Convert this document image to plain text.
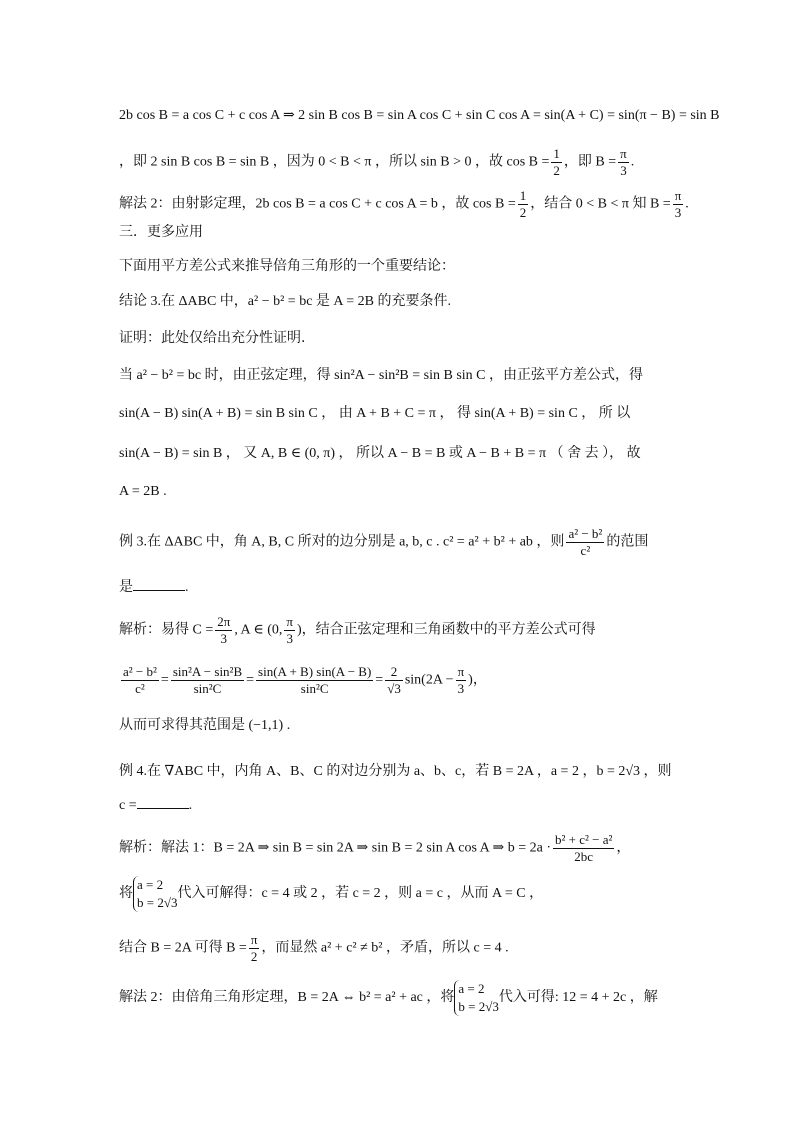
2b cos B = a cos C + c cos A ⇒ 2 sin B cos B = sin A cos C + sin C cos A = sin(A + C) = sin(π − B) = sin B
，即 2 sin B cos B = sin B ，因为 0 < B < π ，所以 sin B > 0 ，故 $\cos B = \frac{1}{2}$ ，即 $B = \frac{\pi}{3}$ .
解法 2：由射影定理，2b cos B = a cos C + c cos A = b ，故 $\cos B = \frac{1}{2}$ ，结合 0 < B < π 知 $B = \frac{\pi}{3}$ .
三．更多应用
下面用平方差公式来推导倍角三角形的一个重要结论：
结论 3.在 ΔABC 中，a² − b² = bc 是 A = 2B 的充要条件.
证明：此处仅给出充分性证明.
当 a² − b² = bc 时，由正弦定理，得 sin²A − sin²B = sin B sin C ，由正弦平方差公式，得
sin(A − B) sin(A + B) = sin B sin C ， 由 A + B + C = π ， 得 sin(A + B) = sin C ， 所 以
sin(A − B) = sin B ， 又 A, B ∈ (0, π) ， 所以 A − B = B 或 A − B + B = π （ 舍 去 ）， 故
A = 2B .
例 3.在 ΔABC 中，角 A, B, C 所对的边分别是 a, b, c . c² = a² + b² + ab ，则 $\frac{\text{a² − b²}}{\text{c²}}$ 的范围
是	.
解析：易得 $C = \frac{2\pi}{3}$ , A ∈ (0, $\frac{\pi}{3}$ )，结合正弦定理和三角函数中的平方差公式可得
$\frac{\text{a² − b²}}{\text{c²}} = \frac{\text{sin²A − sin²B}}{\text{sin²C}} = \frac{\sin(A + B) \sin(A - B)}{\text{sin²C}} = \frac{2}{√3} \sin(2A - \frac{\pi}{3}$ )，
从而可求得其范围是 (−1,1) .
例 4.在 ∇ABC 中，内角 A、B、C 的对边分别为 a、b、c，若 B = 2A ，a = 2 ，b = 2√3 ，则
c =	.
解析：解法 1：B = 2A ⇒ sin B = sin 2A ⇒ sin B = 2 sin A cos A ⇒ $b = 2a \cdot \frac{\text{b² + c² − a²}}{2bc}$ ，
将
a = 2
b = 2√3
代入可解得：c = 4 或 2 ，若 c = 2 ，则 a = c ，从而 A = C ，
结合 B = 2A 可得 $B = \frac{\pi}{2}$ ，而显然 a² + c² ≠ b² ，矛盾，所以 c = 4 .
解法 2：由倍角三角形定理，B = 2A ⇔ b² = a² + ac ，将
a = 2
b = 2√3
代入可得: 12 = 4 + 2c ，解
